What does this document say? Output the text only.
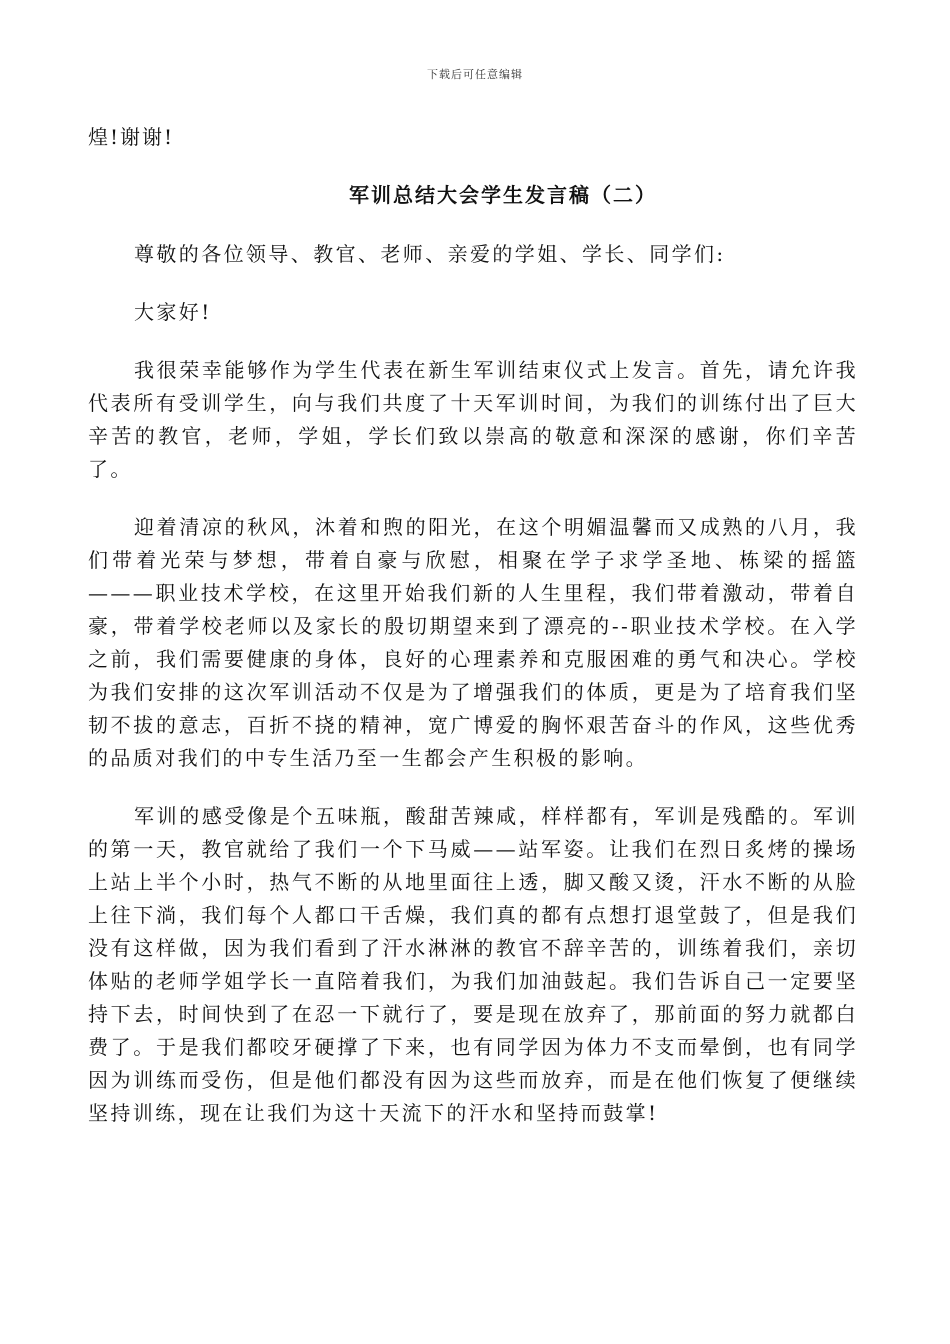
下载后可任意编辑

煌!谢谢!

军训总结大会学生发言稿（二）

尊敬的各位领导、教官、老师、亲爱的学姐、学长、同学们:

大家好!

我很荣幸能够作为学生代表在新生军训结束仪式上发言。首先，请允许我代表所有受训学生，向与我们共度了十天军训时间，为我们的训练付出了巨大辛苦的教官，老师，学姐，学长们致以崇高的敬意和深深的感谢，你们辛苦了。

迎着清凉的秋风，沐着和煦的阳光，在这个明媚温馨而又成熟的八月，我们带着光荣与梦想，带着自豪与欣慰，相聚在学子求学圣地、栋梁的摇篮———职业技术学校，在这里开始我们新的人生里程，我们带着激动，带着自豪，带着学校老师以及家长的殷切期望来到了漂亮的--职业技术学校。在入学之前，我们需要健康的身体，良好的心理素养和克服困难的勇气和决心。学校为我们安排的这次军训活动不仅是为了增强我们的体质，更是为了培育我们坚韧不拔的意志，百折不挠的精神，宽广博爱的胸怀艰苦奋斗的作风，这些优秀的品质对我们的中专生活乃至一生都会产生积极的影响。

军训的感受像是个五味瓶，酸甜苦辣咸，样样都有，军训是残酷的。军训的第一天，教官就给了我们一个下马威——站军姿。让我们在烈日炙烤的操场上站上半个小时，热气不断的从地里面往上透，脚又酸又烫，汗水不断的从脸上往下淌，我们每个人都口干舌燥，我们真的都有点想打退堂鼓了，但是我们没有这样做，因为我们看到了汗水淋淋的教官不辞辛苦的，训练着我们，亲切体贴的老师学姐学长一直陪着我们，为我们加油鼓起。我们告诉自己一定要坚持下去，时间快到了在忍一下就行了，要是现在放弃了，那前面的努力就都白费了。于是我们都咬牙硬撑了下来，也有同学因为体力不支而晕倒，也有同学因为训练而受伤，但是他们都没有因为这些而放弃，而是在他们恢复了便继续坚持训练，现在让我们为这十天流下的汗水和坚持而鼓掌!
